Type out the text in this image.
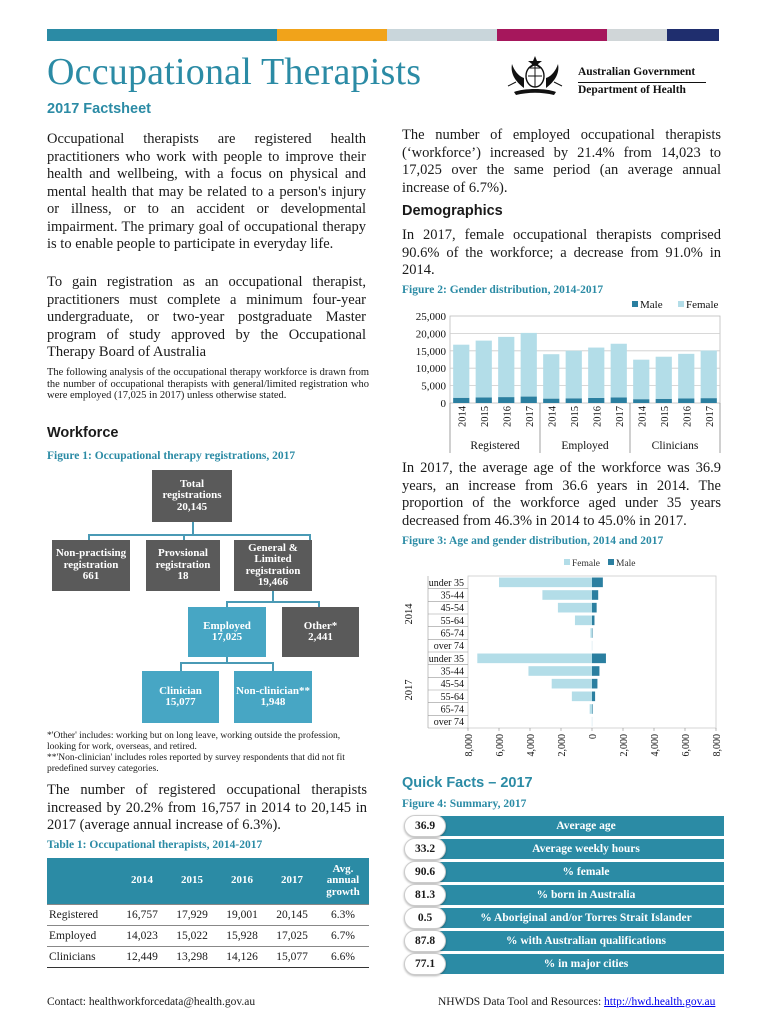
Occupational Therapists
2017 Factsheet
Australian Government
Department of Health
Occupational therapists are registered health practitioners who work with people to improve their health and wellbeing, with a focus on physical and mental health that may be related to a person's injury or illness, or to an accident or developmental impairment. The primary goal of occupational therapy is to enable people to participate in everyday life.
To gain registration as an occupational therapist, practitioners must complete a minimum four-year undergraduate, or two-year postgraduate Master program of study approved by the Occupational Therapy Board of Australia
The following analysis of the occupational therapy workforce is drawn from the number of occupational therapists with general/limited registration who were employed (17,025 in 2017) unless otherwise stated.
Workforce
Figure 1: Occupational therapy registrations, 2017
Total registrations
20,145
Non-practising registration
661
Provsional registration
18
General & Limited registration
19,466
Employed
17,025
Other*
2,441
Clinician
15,077
Non-clinician**
1,948
*'Other' includes: working but on long leave, working outside the profession, looking for work, overseas, and retired.
**'Non-clinician' includes roles reported by survey respondents that did not fit predefined survey categories.
The number of registered occupational therapists increased by 20.2% from 16,757 in 2014 to 20,145 in 2017 (average annual increase of 6.3%).
Table 1: Occupational therapists, 2014-2017
	2014	2015	2016	2017	Avg. annual growth
Registered	16,757	17,929	19,001	20,145	6.3%
Employed	14,023	15,022	15,928	17,025	6.7%
Clinicians	12,449	13,298	14,126	15,077	6.6%
The number of employed occupational therapists (‘workforce’) increased by 21.4% from 14,023 to 17,025 over the same period (an average annual increase of 6.7%).
Demographics
In 2017, female occupational therapists comprised 90.6% of the workforce; a decrease from 91.0% in 2014.
Figure 2: Gender distribution, 2014-2017
0
5,000
10,000
15,000
20,000
25,000
2014 2015 2016 2017 2014 2015 2016 2017 2014 2015 2016 2017
Registered	Employed	Clinicians
Male Female
In 2017, the average age of the workforce was 36.9 years, an increase from 36.6 years in 2014. The proportion of the workforce aged under 35 years decreased from 46.3% in 2014 to 45.0% in 2017.
Figure 3: Age and gender distribution, 2014 and 2017
Female Male
under 35
35-44
45-54
55-64
65-74
over 74
2014
under 35
35-44
45-54
55-64
65-74
over 74
2017
8,000 6,000 4,000 2,000 0 2,000 4,000 6,000 8,000
Quick Facts – 2017
Figure 4: Summary, 2017
Average age
36.9
Average weekly hours
33.2
% female
90.6
% born in Australia
81.3
% Aboriginal and/or Torres Strait Islander
0.5
% with Australian qualifications
87.8
% in major cities
77.1
Contact: healthworkforcedata@health.gov.au	NHWDS Data Tool and Resources: http://hwd.health.gov.au
